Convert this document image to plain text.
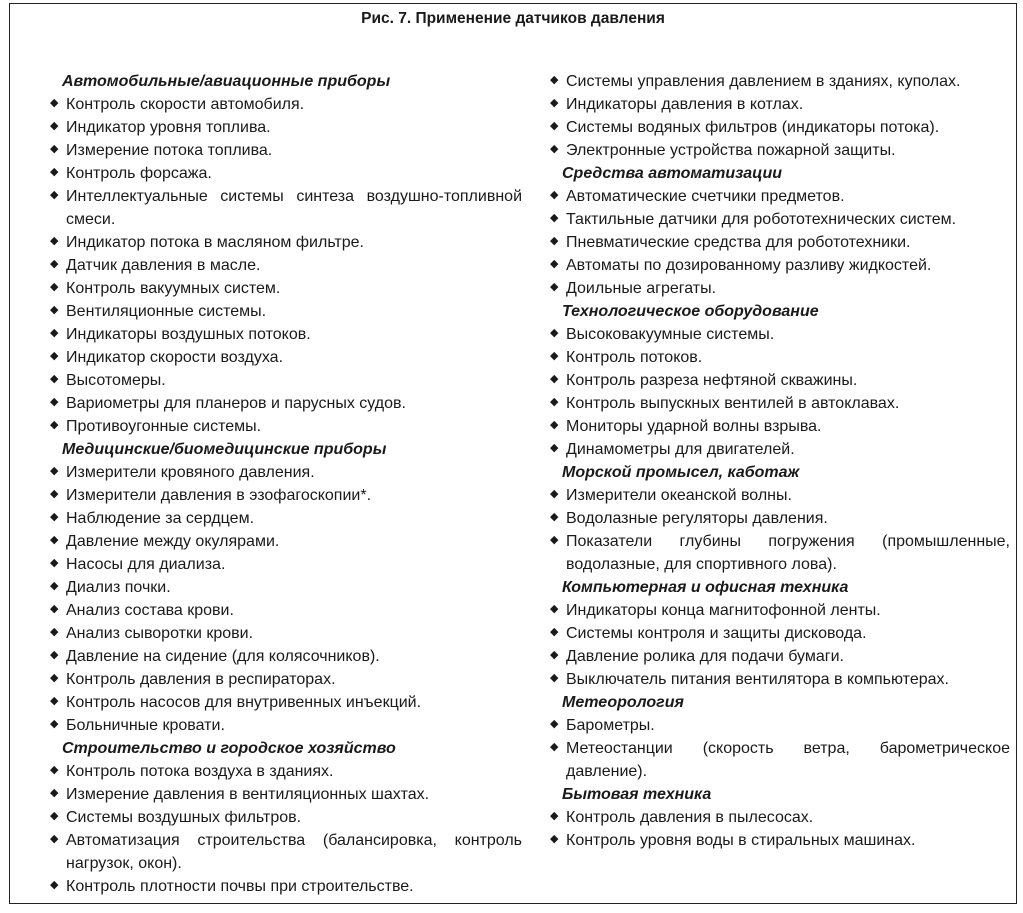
Рис. 7. Применение датчиков давления
Автомобильные/авиационные приборы
◆ Контроль скорости автомобиля.
◆ Индикатор уровня топлива.
◆ Измерение потока топлива.
◆ Контроль форсажа.
◆ Интеллектуальные системы синтеза воздушно-топливной смеси.
◆ Индикатор потока в масляном фильтре.
◆ Датчик давления в масле.
◆ Контроль вакуумных систем.
◆ Вентиляционные системы.
◆ Индикаторы воздушных потоков.
◆ Индикатор скорости воздуха.
◆ Высотомеры.
◆ Вариометры для планеров и парусных судов.
◆ Противоугонные системы.
Медицинские/биомедицинские приборы
◆ Измерители кровяного давления.
◆ Измерители давления в эзофагоскопии*.
◆ Наблюдение за сердцем.
◆ Давление между окулярами.
◆ Насосы для диализа.
◆ Диализ почки.
◆ Анализ состава крови.
◆ Анализ сыворотки крови.
◆ Давление на сидение (для колясочников).
◆ Контроль давления в респираторах.
◆ Контроль насосов для внутривенных инъекций.
◆ Больничные кровати.
Строительство и городское хозяйство
◆ Контроль потока воздуха в зданиях.
◆ Измерение давления в вентиляционных шахтах.
◆ Системы воздушных фильтров.
◆ Автоматизация строительства (балансировка, контроль нагрузок, окон).
◆ Контроль плотности почвы при строительстве.
◆ Системы управления давлением в зданиях, куполах.
◆ Индикаторы давления в котлах.
◆ Системы водяных фильтров (индикаторы потока).
◆ Электронные устройства пожарной защиты.
Средства автоматизации
◆ Автоматические счетчики предметов.
◆ Тактильные датчики для робототехнических систем.
◆ Пневматические средства для робототехники.
◆ Автоматы по дозированному разливу жидкостей.
◆ Доильные агрегаты.
Технологическое оборудование
◆ Высоковакуумные системы.
◆ Контроль потоков.
◆ Контроль разреза нефтяной скважины.
◆ Контроль выпускных вентилей в автоклавах.
◆ Мониторы ударной волны взрыва.
◆ Динамометры для двигателей.
Морской промысел, каботаж
◆ Измерители океанской волны.
◆ Водолазные регуляторы давления.
◆ Показатели глубины погружения (промышленные, водолазные, для спортивного лова).
Компьютерная и офисная техника
◆ Индикаторы конца магнитофонной ленты.
◆ Системы контроля и защиты дисковода.
◆ Давление ролика для подачи бумаги.
◆ Выключатель питания вентилятора в компьютерах.
Метеорология
◆ Барометры.
◆ Метеостанции (скорость ветра, барометрическое давление).
Бытовая техника
◆ Контроль давления в пылесосах.
◆ Контроль уровня воды в стиральных машинах.
